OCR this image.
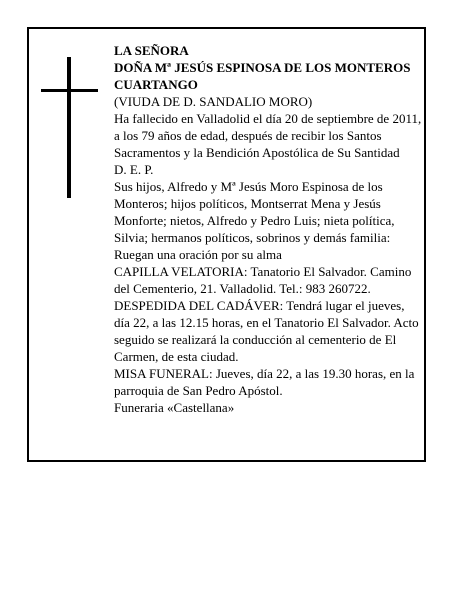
LA SEÑORA

DOÑA Mª JESÚS ESPINOSA DE LOS MONTEROS CUARTANGO

(VIUDA DE D. SANDALIO MORO)

Ha fallecido en Valladolid el día 20 de septiembre de 2011, a los 79 años de edad, después de recibir los Santos Sacramentos y la Bendición Apostólica de Su Santidad

D. E. P.

Sus hijos, Alfredo y Mª Jesús Moro Espinosa de los Monteros; hijos políticos, Montserrat Mena y Jesús Monforte; nietos, Alfredo y Pedro Luis; nieta política, Silvia; hermanos políticos, sobrinos y demás familia:

Ruegan una oración por su alma

CAPILLA VELATORIA: Tanatorio El Salvador. Camino del Cementerio, 21. Valladolid. Tel.: 983 260722.

DESPEDIDA DEL CADÁVER: Tendrá lugar el jueves, día 22, a las 12.15 horas, en el Tanatorio El Salvador. Acto seguido se realizará la conducción al cementerio de El Carmen, de esta ciudad.

MISA FUNERAL: Jueves, día 22, a las 19.30 horas, en la parroquia de San Pedro Apóstol.

Funeraria «Castellana»
